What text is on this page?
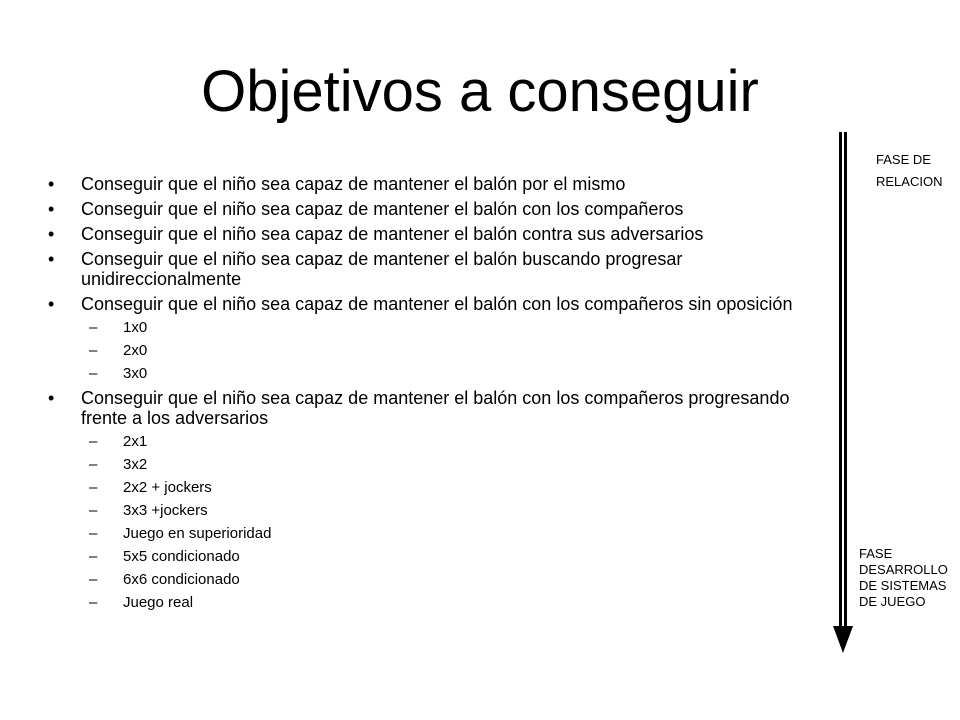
Objetivos a conseguir
• Conseguir que el niño sea capaz de mantener el balón por el mismo
• Conseguir que el niño sea capaz de mantener el balón con los compañeros
• Conseguir que el niño sea capaz de mantener el balón contra sus adversarios
• Conseguir que el niño sea capaz de mantener el balón buscando progresar unidireccionalmente
• Conseguir que el niño sea capaz de mantener el balón con los compañeros sin oposición
– 1x0
– 2x0
– 3x0
• Conseguir que el niño sea capaz de mantener el balón con los compañeros progresando frente a los adversarios
– 2x1
– 3x2
– 2x2 + jockers
– 3x3 +jockers
– Juego en superioridad
– 5x5 condicionado
– 6x6 condicionado
– Juego real
FASE DE
RELACION
FASE
DESARROLLO
DE SISTEMAS
DE JUEGO
